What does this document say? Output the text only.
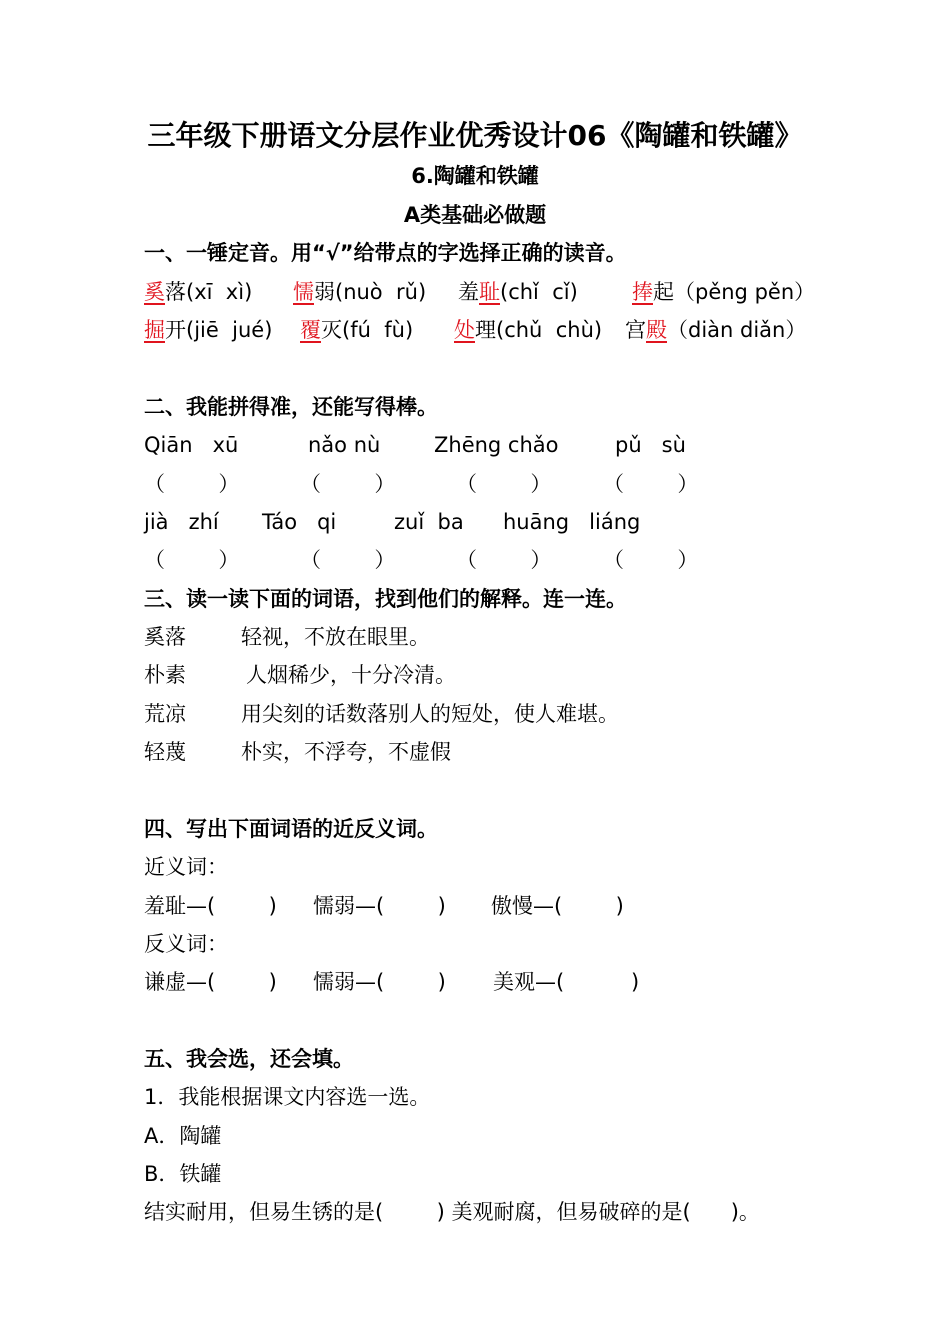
三年级下册语文分层作业优秀设计06《陶罐和铁罐》
6.陶罐和铁罐
A类基础必做题
一、一锤定音。用“√”给带点的字选择正确的读音。
奚落(xī  xì) 懦弱(nuò  rǔ) 羞耻(chǐ  cǐ)	捧起（pěng pěn）
掘开(jiē  jué) 覆灭(fú  fù) 处理(chǔ  chù) 宫殿（diàn diǎn）
二、我能拼得准，还能写得棒。
Qiān   xū	nǎo nù	Zhēng chǎo	pǔ   sù
（        ）	（        ）	（        ） （        ）
jià   zhí Táo   qi	zuǐ  ba huāng   liáng
（        ）	（        ）	（        ） （        ）
三、读一读下面的词语，找到他们的解释。连一连。
奚落	轻视，不放在眼里。
朴素	人烟稀少，十分冷清。
荒凉	用尖刻的话数落别人的短处，使人难堪。
轻蔑	朴实，不浮夸，不虚假
四、写出下面词语的近反义词。
近义词：
羞耻—(        ) 懦弱—(        ) 傲慢—(        )
反义词：
谦虚—(        ) 懦弱—(        ) 美观—(          )
五、我会选，还会填。
1．我能根据课文内容选一选。
A．陶罐
B．铁罐
结实耐用，但易生锈的是(        ) 美观耐腐，但易破碎的是(      )。
